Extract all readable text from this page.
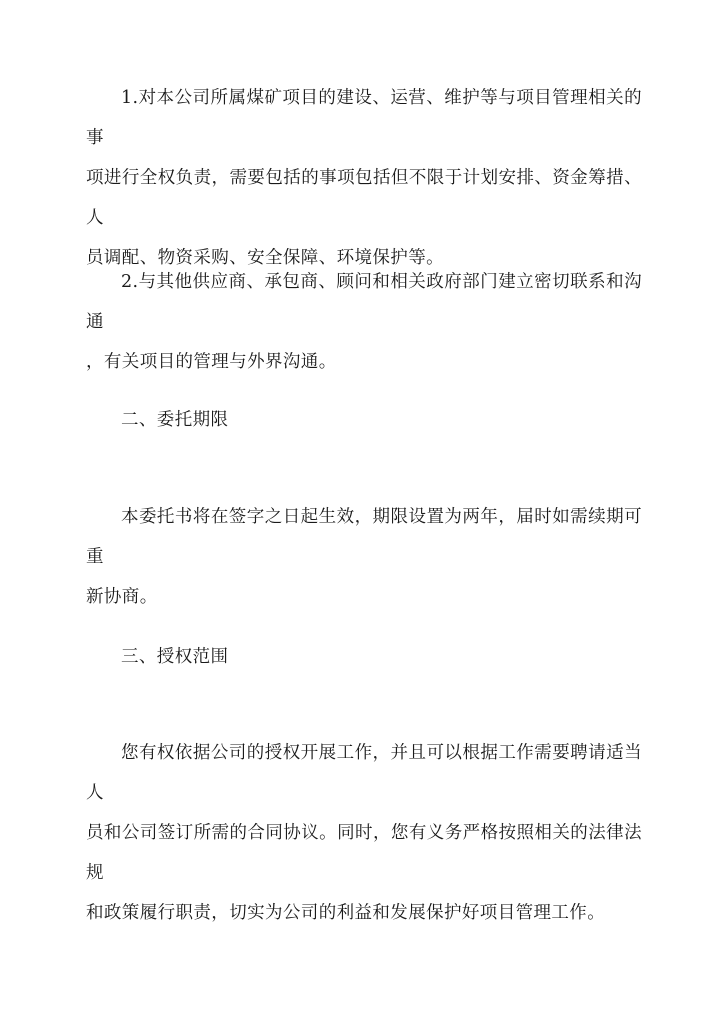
1.对本公司所属煤矿项目的建设、运营、维护等与项目管理相关的事
项进行全权负责，需要包括的事项包括但不限于计划安排、资金筹措、人
员调配、物资采购、安全保障、环境保护等。
2.与其他供应商、承包商、顾问和相关政府部门建立密切联系和沟通
，有关项目的管理与外界沟通。
二、委托期限
本委托书将在签字之日起生效，期限设置为两年，届时如需续期可重
新协商。
三、授权范围
您有权依据公司的授权开展工作，并且可以根据工作需要聘请适当人
员和公司签订所需的合同协议。同时，您有义务严格按照相关的法律法规
和政策履行职责，切实为公司的利益和发展保护好项目管理工作。
